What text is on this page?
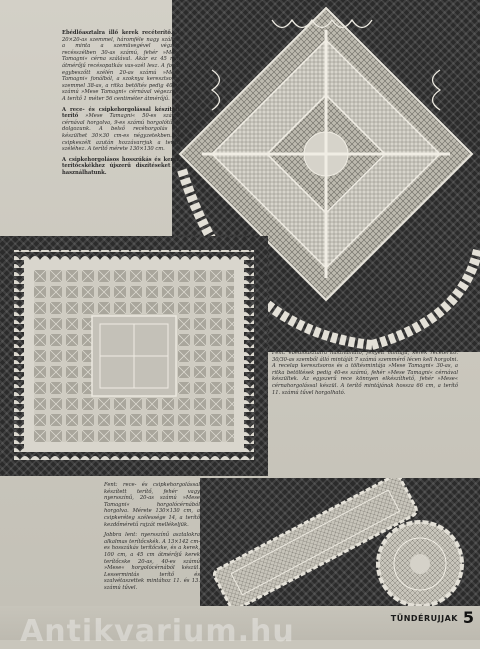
Ebédlőasztalra illő kerek recéterítő. A 20×20-as szemmel, háromféle nagy szálből a minta a szemüvegével végzett recésszélben 30-as számú, fehér »Mese Tamagni« cérna szálával. Akár ez 45 mm átmérőjű recésopatkás vas-szél lesz. A fonal egybeszőtt szélén 20-as számú »Mese Tamagni« fonálból, a szoknya keresztsoros szemmel 38-as, a ritka betöltés pedig 40-es számú »Mese Tamagni« cérnával végezzük. A terítő 1 méter 56 centiméter átmérőjű.

A rece- és csipkehorgolással készített terítő »Mese Tamagni« 50-es számú cérnával horgolva, 9-es számú horgolótűvel dolgozunk. A belső recéhorgolás is készülhet 30×30 cm-es négyzetekben. A csipkeszélt azután hozzávarrjuk a terítő széléhez. A terítő mérete 130×130 cm.

A csipkehorgolásos hosszúkás és kerek terítőcskékhez újszerű díszítéseket is használhatunk.

Fent: ebédlőasztalra használható, fényeit mintájú, kerek recéterítő. 30/30-as szemből álló mintáját 7 számú szemmérő lécen kell horgolni. A recelap keresztsoros és a töltésmintája »Mese Tamagni« 30-as, a ritka betöltések pedig 40-es számú, fehér »Mese Tamagni« cérnával készültek. Az egyszerű rece könnyen elkészíthető, fehér »Mese« cérnahorgolással készül. A terítő mintájának hossza 66 cm, a terítő 11. számú tűvel horgolható.

Fent: rece- és csipkehorgolással készített terítő, fehér vagy nyersszínű, 20-as számú »Mese Tamagni« horgolócérnából horgolva. Mérete 130×130 cm, a csipkeréteg szélessége 14, a terítő kezdőméretű rajzát mellékeljük.

Jobbra lent: nyersszínű asztalokra alkalmas terítőcskék. A 13×142 cm-es hosszúkás terítőcske, és a kerek, 100 cm, a 45 cm átmérőjű kerek terítőcske 20-as, 40-es számú »Mese« horgolócérnából készül. Lessermintás terítő és szalvétaszettek mintához 11. és 13. számú tűvel.

Antikvarium.hu	TÜNDÉRUJJAK 5
